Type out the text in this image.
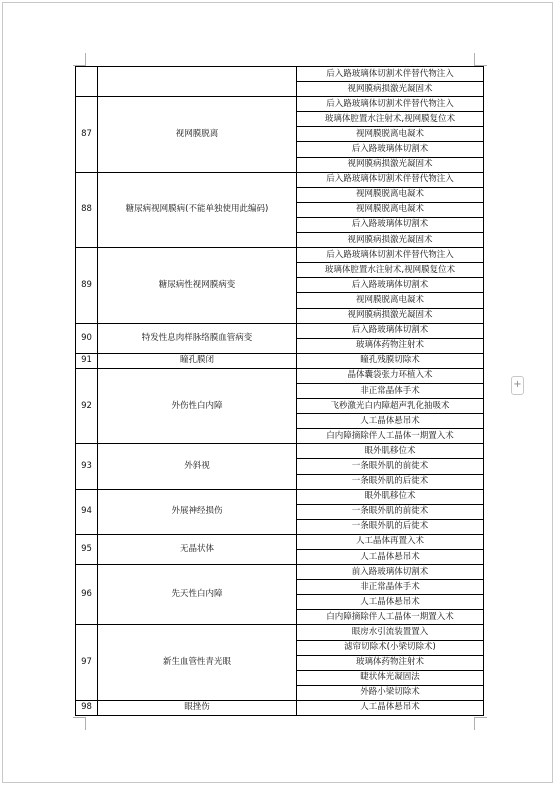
+
		后入路玻璃体切割术伴替代物注入
		视网膜病损激光凝固术
87	视网膜脱离	后入路玻璃体切割术伴替代物注入
		玻璃体腔置水注射术,视网膜复位术
		视网膜脱离电凝术
		后入路玻璃体切割术
		视网膜病损激光凝固术
88	糖尿病视网膜病(不能单独使用此编码)	后入路玻璃体切割术伴替代物注入
		视网膜脱离电凝术
		视网膜脱离电凝术
		后入路玻璃体切割术
		视网膜病损激光凝固术
89	糖尿病性视网膜病变	后入路玻璃体切割术伴替代物注入
		玻璃体腔置水注射术,视网膜复位术
		后入路玻璃体切割术
		视网膜脱离电凝术
		视网膜病损激光凝固术
90	特发性息肉样脉络膜血管病变	后入路玻璃体切割术
		玻璃体药物注射术
91	瞳孔膜闭	瞳孔残膜切除术
92	外伤性白内障	晶体囊袋张力环植入术
		非正常晶体手术
		飞秒激光白内障超声乳化抽吸术
		人工晶体悬吊术
		白内障摘除伴人工晶体一期置入术
93	外斜视	眼外肌移位术
		一条眼外肌的前徙术
		一条眼外肌的后徙术
94	外展神经损伤	眼外肌移位术
		一条眼外肌的前徙术
		一条眼外肌的后徙术
95	无晶状体	人工晶体再置入术
		人工晶体悬吊术
96	先天性白内障	前入路玻璃体切割术
		非正常晶体手术
		人工晶体悬吊术
		白内障摘除伴人工晶体一期置入术
97	新生血管性青光眼	眼房水引流装置置入
		滤帘切除术(小梁切除术)
		玻璃体药物注射术
		睫状体光凝固法
		外路小梁切除术
98	眼挫伤	人工晶体悬吊术
